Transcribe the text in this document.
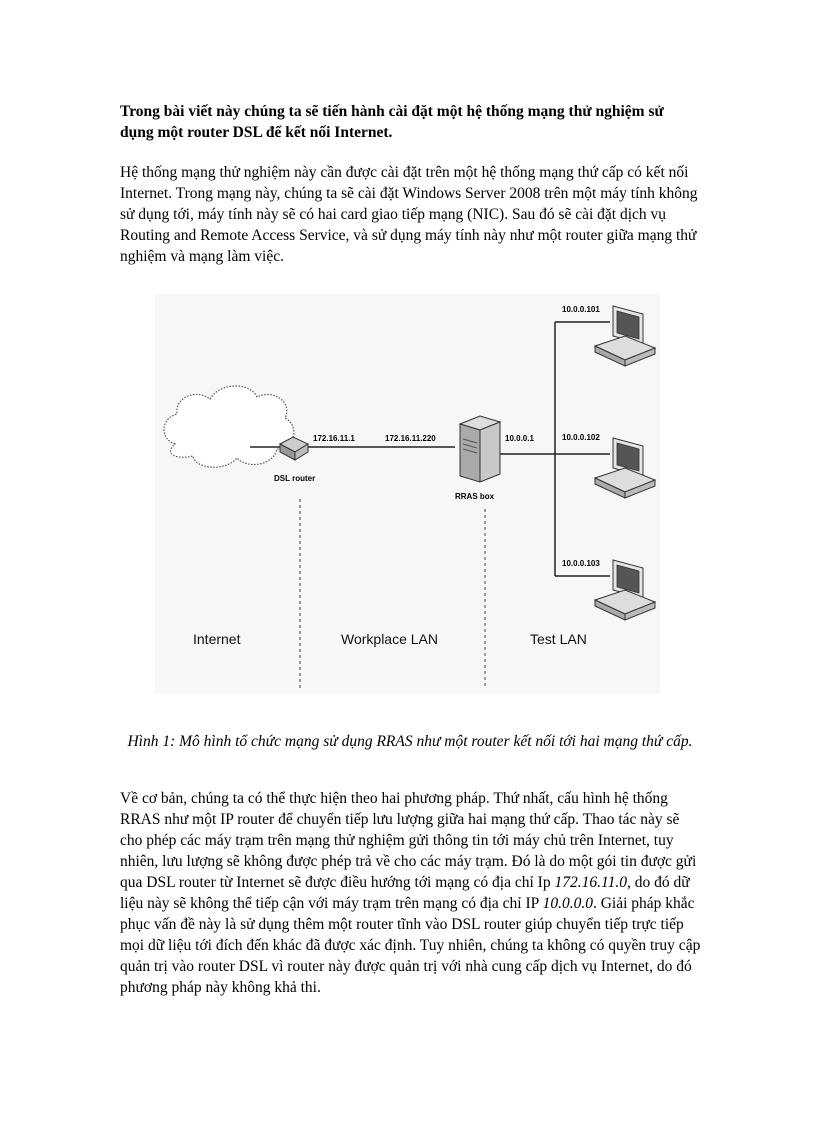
Trong bài viết này chúng ta sẽ tiến hành cài đặt một hệ thống mạng thử nghiệm sử dụng một router DSL để kết nối Internet.

Hệ thống mạng thử nghiệm này cần được cài đặt trên một hệ thống mạng thứ cấp có kết nối Internet. Trong mạng này, chúng ta sẽ cài đặt Windows Server 2008 trên một máy tính không sử dụng tới, máy tính này sẽ có hai card giao tiếp mạng (NIC). Sau đó sẽ cài đặt dịch vụ Routing and Remote Access Service, và sử dụng máy tính này như một router giữa mạng thử nghiệm và mạng làm việc.

10.0.0.101
10.0.0.102
10.0.0.103
172.16.11.1	172.16.11.220	10.0.0.1
DSL router
RRAS box
Internet	Workplace LAN	Test LAN

Hình 1: Mô hình tổ chức mạng sử dụng RRAS như một router kết nối tới hai mạng thứ cấp.

Về cơ bản, chúng ta có thể thực hiện theo hai phương pháp. Thứ nhất, cấu hình hệ thống RRAS như một IP router để chuyển tiếp lưu lượng giữa hai mạng thứ cấp. Thao tác này sẽ cho phép các máy trạm trên mạng thử nghiệm gửi thông tin tới máy chủ trên Internet, tuy nhiên, lưu lượng sẽ không được phép trả về cho các máy trạm. Đó là do một gói tin được gửi qua DSL router từ Internet sẽ được điều hướng tới mạng có địa chỉ Ip 172.16.11.0, do đó dữ liệu này sẽ không thể tiếp cận với máy trạm trên mạng có địa chỉ IP 10.0.0.0. Giải pháp khắc phục vấn đề này là sử dụng thêm một router tĩnh vào DSL router giúp chuyển tiếp trực tiếp mọi dữ liệu tới đích đến khác đã được xác định. Tuy nhiên, chúng ta không có quyền truy cập quản trị vào router DSL vì router này được quản trị với nhà cung cấp dịch vụ Internet, do đó phương pháp này không khả thi.
